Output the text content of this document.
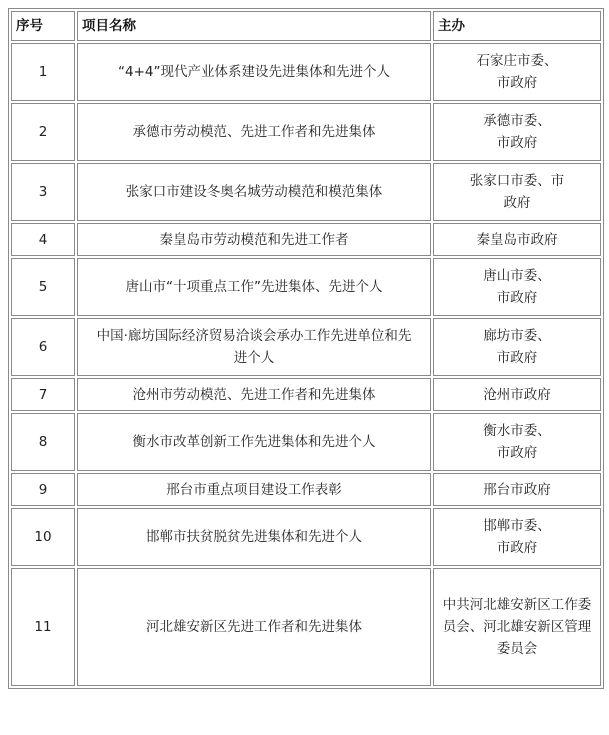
序号	项目名称	主办
1	“4+4”现代产业体系建设先进集体和先进个人	石家庄市委、市政府
2	承德市劳动模范、先进工作者和先进集体	承德市委、市政府
3	张家口市建设冬奥名城劳动模范和模范集体	张家口市委、市政府
4	秦皇岛市劳动模范和先进工作者	秦皇岛市政府
5	唐山市“十项重点工作”先进集体、先进个人	唐山市委、市政府
6	中国·廊坊国际经济贸易洽谈会承办工作先进单位和先进个人	廊坊市委、市政府
7	沧州市劳动模范、先进工作者和先进集体	沧州市政府
8	衡水市改革创新工作先进集体和先进个人	衡水市委、市政府
9	邢台市重点项目建设工作表彰	邢台市政府
10	邯郸市扶贫脱贫先进集体和先进个人	邯郸市委、市政府
11	河北雄安新区先进工作者和先进集体	中共河北雄安新区工作委员会、河北雄安新区管理委员会
